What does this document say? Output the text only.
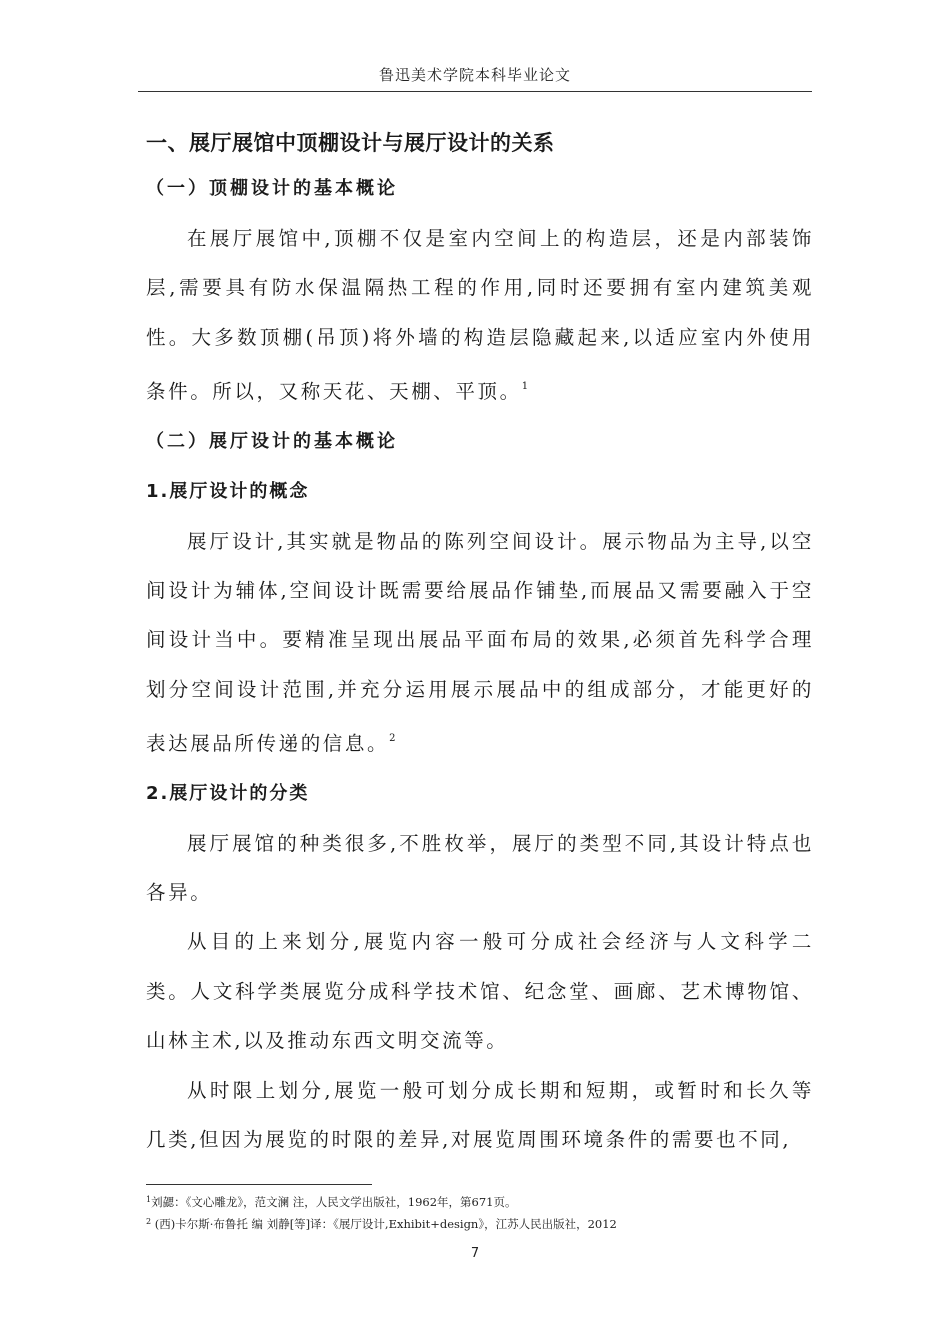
鲁迅美术学院本科毕业论文
一、展厅展馆中顶棚设计与展厅设计的关系
（一）顶棚设计的基本概论

在展厅展馆中,顶棚不仅是室内空间上的构造层，还是内部装饰层,需要具有防水保温隔热工程的作用,同时还要拥有室内建筑美观性。大多数顶棚(吊顶)将外墙的构造层隐藏起来,以适应室内外使用条件。所以，又称天花、天棚、平顶。$^1$

（二）展厅设计的基本概论
1.展厅设计的概念

展厅设计,其实就是物品的陈列空间设计。展示物品为主导,以空间设计为辅体,空间设计既需要给展品作铺垫,而展品又需要融入于空间设计当中。要精准呈现出展品平面布局的效果,必须首先科学合理划分空间设计范围,并充分运用展示展品中的组成部分，才能更好的表达展品所传递的信息。$^2$

2.展厅设计的分类

展厅展馆的种类很多,不胜枚举，展厅的类型不同,其设计特点也各异。

从目的上来划分,展览内容一般可分成社会经济与人文科学二类。人文科学类展览分成科学技术馆、纪念堂、画廊、艺术博物馆、山林主术,以及推动东西文明交流等。

从时限上划分,展览一般可划分成长期和短期，或暂时和长久等几类,但因为展览的时限的差异,对展览周围环境条件的需要也不同,

$^1$刘勰：《文心雕龙》，范文澜 注，人民文学出版社，1962年，第671页。
$^2$ (西)卡尔斯·布鲁托 编 刘静[等]译：《展厅设计,Exhibit+design》，江苏人民出版社，2012
7
